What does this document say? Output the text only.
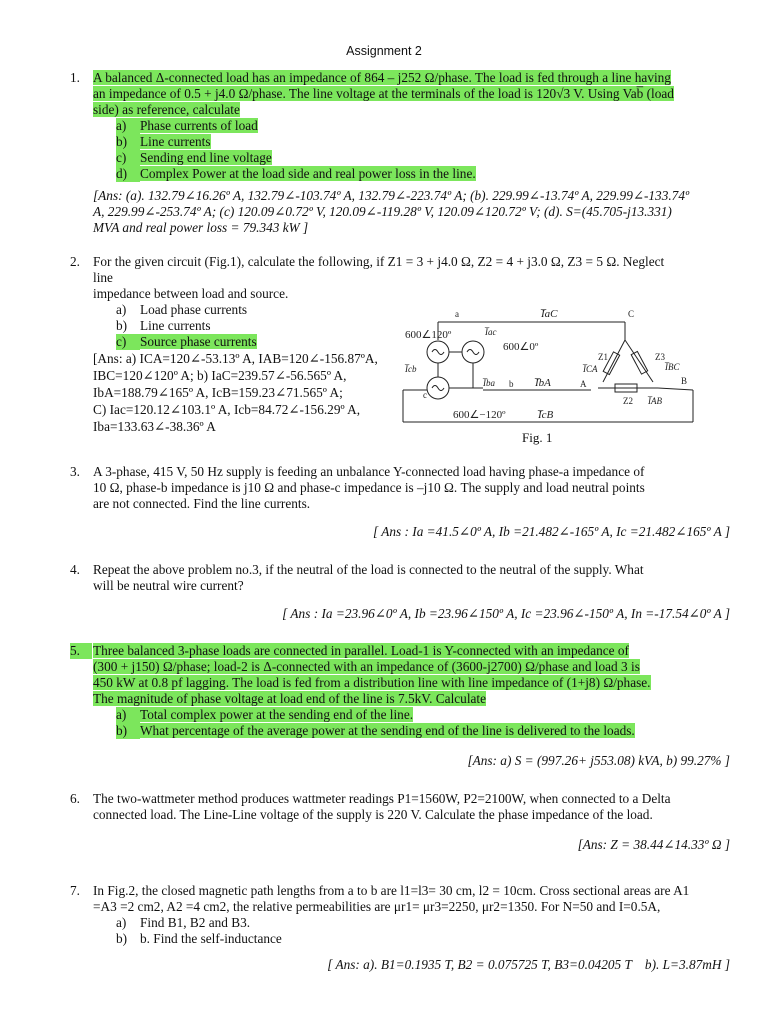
Assignment 2
1. A balanced Δ-connected load has an impedance of 864 – j252 Ω/phase. The load is fed through a line having
an impedance of 0.5 + j4.0 Ω/phase. The line voltage at the terminals of the load is 120√3 V. Using Vab̅ (load
side) as reference, calculate
a) Phase currents of load
b) Line currents
c) Sending end line voltage
d) Complex Power at the load side and real power loss in the line.
[Ans: (a). 132.79∠16.26º A, 132.79∠-103.74º A, 132.79∠-223.74º A; (b). 229.99∠-13.74º A, 229.99∠-133.74º
A, 229.99∠-253.74º A; (c) 120.09∠0.72º V, 120.09∠-119.28º V, 120.09∠120.72º V; (d). S=(45.705-j13.331)
MVA and real power loss = 79.343 kW ]
2. For the given circuit (Fig.1), calculate the following, if Z1 = 3 + j4.0 Ω, Z2 = 4 + j3.0 Ω, Z3 = 5 Ω. Neglect
line
impedance between load and source.
a) Load phase currents
b) Line currents
c) Source phase currents
[Ans: a) ICA=120∠-53.13º A, IAB=120∠-156.87ºA,
IBC=120∠120º A; b) IaC=239.57∠-56.565º A,
IbA=188.79∠165º A, IcB=159.23∠71.565º A;
C) Iac=120.12∠103.1º A, Icb=84.72∠-156.29º A,
Iba=133.63∠-38.36º A
600∠120º
600∠0º
600∠−120º
a
b
c
A	B
C
Z1	Z3
Z2
I̅aC
I̅bA
I̅cB
I̅ba
I̅cb
I̅ac
I̅CA	I̅BC
I̅AB
Fig. 1
3. A 3-phase, 415 V, 50 Hz supply is feeding an unbalance Y-connected load having phase-a impedance of
10 Ω, phase-b impedance is j10 Ω and phase-c impedance is –j10 Ω. The supply and load neutral points
are not connected. Find the line currents.
[ Ans : Ia =41.5∠0º A, Ib =21.482∠-165º A, Ic =21.482∠165º A ]
4. Repeat the above problem no.3, if the neutral of the load is connected to the neutral of the supply. What
will be neutral wire current?
[ Ans : Ia =23.96∠0º A, Ib =23.96∠150º A, Ic =23.96∠-150º A, In =-17.54∠0º A ]
5. Three balanced 3-phase loads are connected in parallel. Load-1 is Y-connected with an impedance of
(300 + j150) Ω/phase; load-2 is Δ-connected with an impedance of (3600-j2700) Ω/phase and load 3 is
450 kW at 0.8 pf lagging. The load is fed from a distribution line with line impedance of (1+j8) Ω/phase.
The magnitude of phase voltage at load end of the line is 7.5kV. Calculate
a) Total complex power at the sending end of the line.
b) What percentage of the average power at the sending end of the line is delivered to the loads.
[Ans: a) S = (997.26+ j553.08) kVA, b) 99.27% ]
6. The two-wattmeter method produces wattmeter readings P1=1560W, P2=2100W, when connected to a Delta
connected load. The Line-Line voltage of the supply is 220 V. Calculate the phase impedance of the load.
[Ans: Z = 38.44∠14.33º Ω ]
7. In Fig.2, the closed magnetic path lengths from a to b are l1=l3= 30 cm, l2 = 10cm. Cross sectional areas are A1
=A3 =2 cm2, A2 =4 cm2, the relative permeabilities are μr1= μr3=2250, μr2=1350. For N=50 and I=0.5A,
a) Find B1, B2 and B3.
b) b. Find the self-inductance
[ Ans: a). B1=0.1935 T, B2 = 0.075725 T, B3=0.04205 T    b). L=3.87mH ]
